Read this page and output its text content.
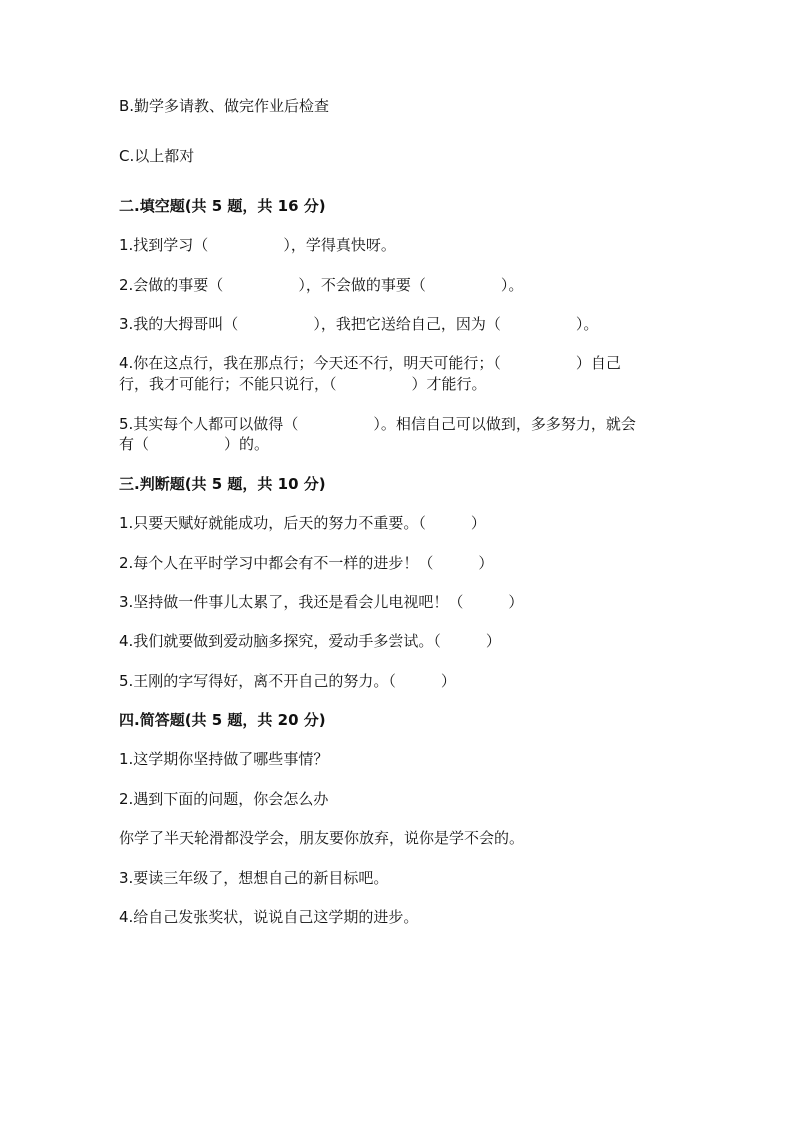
B.勤学多请教、做完作业后检查
C.以上都对
二.填空题(共 5 题，共 16 分)
1.找到学习（　　　　　），学得真快呀。
2.会做的事要（　　　　　），不会做的事要（　　　　　）。
3.我的大拇哥叫（　　　　　），我把它送给自己，因为（　　　　　）。
4.你在这点行，我在那点行；今天还不行，明天可能行；（　　　　　）自己
行，我才可能行；不能只说行，（　　　　　）才能行。
5.其实每个人都可以做得（　　　　　）。相信自己可以做到，多多努力，就会
有（　　　　　）的。
三.判断题(共 5 题，共 10 分)
1.只要天赋好就能成功，后天的努力不重要。（　　　）
2.每个人在平时学习中都会有不一样的进步！（　　　）
3.坚持做一件事儿太累了，我还是看会儿电视吧！（　　　）
4.我们就要做到爱动脑多探究，爱动手多尝试。（　　　）
5.王刚的字写得好，离不开自己的努力。（　　　）
四.简答题(共 5 题，共 20 分)
1.这学期你坚持做了哪些事情？
2.遇到下面的问题，你会怎么办
你学了半天轮滑都没学会，朋友要你放弃，说你是学不会的。
3.要读三年级了，想想自己的新目标吧。
4.给自己发张奖状，说说自己这学期的进步。
